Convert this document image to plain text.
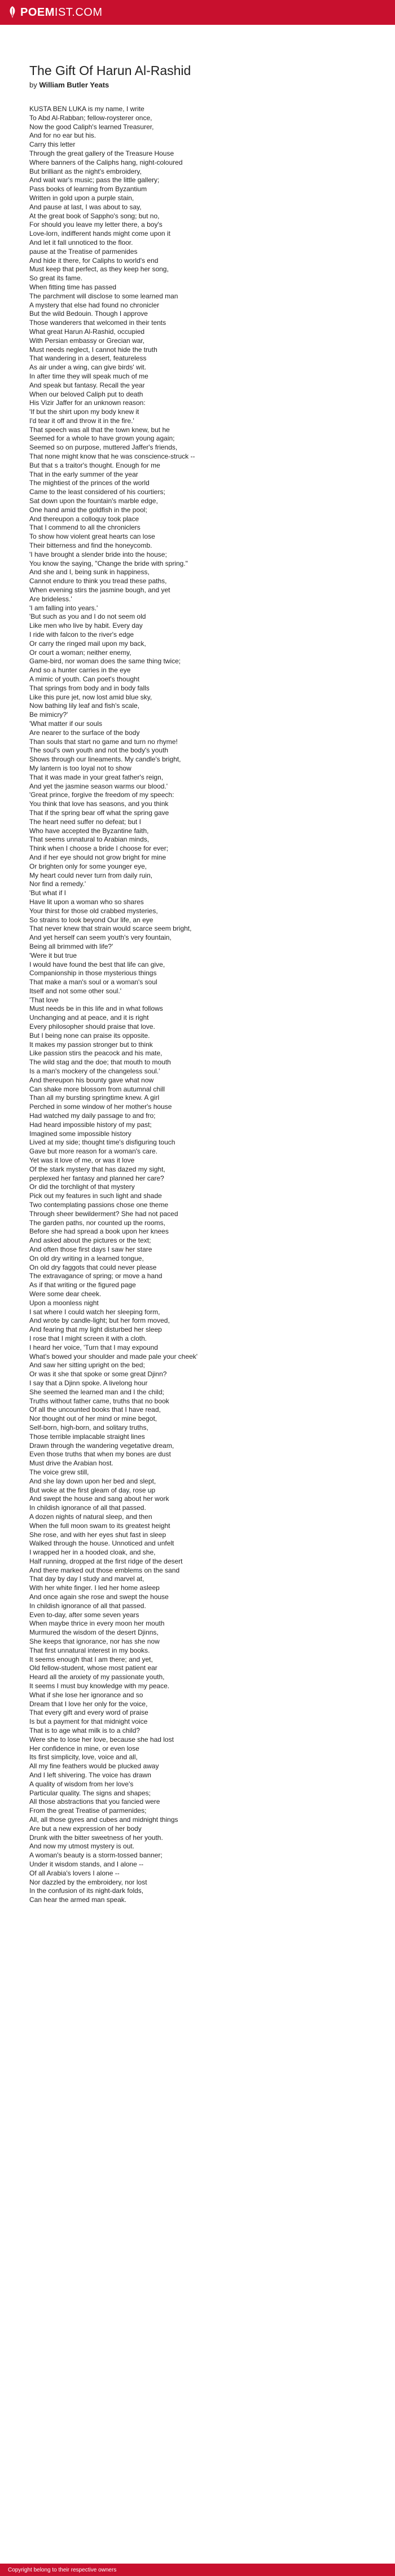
POEM IST.COM
The Gift Of Harun Al-Rashid
by William Butler Yeats
KUSTA BEN LUKA is my name, I write
To Abd Al-Rabban; fellow-roysterer once,
Now the good Caliph's learned Treasurer,
And for no ear but his.
Carry this letter
Through the great gallery of the Treasure House
Where banners of the Caliphs hang, night-coloured
But brilliant as the night's embroidery,
And wait war's music; pass the little gallery;
Pass books of learning from Byzantium
Written in gold upon a purple stain,
And pause at last, I was about to say,
At the great book of Sappho's song; but no,
For should you leave my letter there, a boy's
Love-lorn, indifferent hands might come upon it
And let it fall unnoticed to the floor.
pause at the Treatise of parmenides
And hide it there, for Caliphs to world's end
Must keep that perfect, as they keep her song,
So great its fame.
When fitting time has passed
The parchment will disclose to some learned man
A mystery that else had found no chronicler
But the wild Bedouin. Though I approve
Those wanderers that welcomed in their tents
What great Harun Al-Rashid, occupied
With Persian embassy or Grecian war,
Must needs neglect, I cannot hide the truth
That wandering in a desert, featureless
As air under a wing, can give birds' wit.
In after time they will speak much of me
And speak but fantasy. Recall the year
When our beloved Caliph put to death
His Vizir Jaffer for an unknown reason:
'If but the shirt upon my body knew it
I'd tear it off and throw it in the fire.'
That speech was all that the town knew, but he
Seemed for a whole to have grown young again;
Seemed so on purpose, muttered Jaffer's friends,
That none might know that he was conscience-struck --
But that s a traitor's thought. Enough for me
That in the early summer of the year
The mightiest of the princes of the world
Came to the least considered of his courtiers;
Sat down upon the fountain's marble edge,
One hand amid the goldfish in the pool;
And thereupon a colloquy took place
That I commend to all the chroniclers
To show how violent great hearts can lose
Their bitterness and find the honeycomb.
'I have brought a slender bride into the house;
You know the saying, "Change the bride with spring."
And she and I, being sunk in happiness,
Cannot endure to think you tread these paths,
When evening stirs the jasmine bough, and yet
Are brideless.'
'I am falling into years.'
'But such as you and I do not seem old
Like men who live by habit. Every day
I ride with falcon to the river's edge
Or carry the ringed mail upon my back,
Or court a woman; neither enemy,
Game-bird, nor woman does the same thing twice;
And so a hunter carries in the eye
A mimic of youth. Can poet's thought
That springs from body and in body falls
Like this pure jet, now lost amid blue sky,
Now bathing lily leaf and fish's scale,
Be mimicry?'
'What matter if our souls
Are nearer to the surface of the body
Than souls that start no game and turn no rhyme!
The soul's own youth and not the body's youth
Shows through our lineaments. My candle's bright,
My lantern is too loyal not to show
That it was made in your great father's reign,
And yet the jasmine season warms our blood.'
'Great prince, forgive the freedom of my speech:
You think that love has seasons, and you think
That if the spring bear off what the spring gave
The heart need suffer no defeat; but I
Who have accepted the Byzantine faith,
That seems unnatural to Arabian minds,
Think when I choose a bride I choose for ever;
And if her eye should not grow bright for mine
Or brighten only for some younger eye,
My heart could never turn from daily ruin,
Nor find a remedy.'
'But what if I
Have lit upon a woman who so shares
Your thirst for those old crabbed mysteries,
So strains to look beyond Our life, an eye
That never knew that strain would scarce seem bright,
And yet herself can seem youth's very fountain,
Being all brimmed with life?'
'Were it but true
I would have found the best that life can give,
Companionship in those mysterious things
That make a man's soul or a woman's soul
Itself and not some other soul.'
'That love
Must needs be in this life and in what follows
Unchanging and at peace, and it is right
Every philosopher should praise that love.
But I being none can praise its opposite.
It makes my passion stronger but to think
Like passion stirs the peacock and his mate,
The wild stag and the doe; that mouth to mouth
Is a man's mockery of the changeless soul.'
And thereupon his bounty gave what now
Can shake more blossom from autumnal chill
Than all my bursting springtime knew. A girl
Perched in some window of her mother's house
Had watched my daily passage to and fro;
Had heard impossible history of my past;
Imagined some impossible history
Lived at my side; thought time's disfiguring touch
Gave but more reason for a woman's care.
Yet was it love of me, or was it love
Of the stark mystery that has dazed my sight,
perplexed her fantasy and planned her care?
Or did the torchlight of that mystery
Pick out my features in such light and shade
Two contemplating passions chose one theme
Through sheer bewilderment? She had not paced
The garden paths, nor counted up the rooms,
Before she had spread a book upon her knees
And asked about the pictures or the text;
And often those first days I saw her stare
On old dry writing in a learned tongue,
On old dry faggots that could never please
The extravagance of spring; or move a hand
As if that writing or the figured page
Were some dear cheek.
Upon a moonless night
I sat where I could watch her sleeping form,
And wrote by candle-light; but her form moved,
And fearing that my light disturbed her sleep
I rose that I might screen it with a cloth.
I heard her voice, 'Turn that I may expound
What's bowed your shoulder and made pale your cheek'
And saw her sitting upright on the bed;
Or was it she that spoke or some great Djinn?
I say that a Djinn spoke. A livelong hour
She seemed the learned man and I the child;
Truths without father came, truths that no book
Of all the uncounted books that I have read,
Nor thought out of her mind or mine begot,
Self-born, high-born, and solitary truths,
Those terrible implacable straight lines
Drawn through the wandering vegetative dream,
Even those truths that when my bones are dust
Must drive the Arabian host.
The voice grew still,
And she lay down upon her bed and slept,
But woke at the first gleam of day, rose up
And swept the house and sang about her work
In childish ignorance of all that passed.
A dozen nights of natural sleep, and then
When the full moon swam to its greatest height
She rose, and with her eyes shut fast in sleep
Walked through the house. Unnoticed and unfelt
I wrapped her in a hooded cloak, and she,
Half running, dropped at the first ridge of the desert
And there marked out those emblems on the sand
That day by day I study and marvel at,
With her white finger. I led her home asleep
And once again she rose and swept the house
In childish ignorance of all that passed.
Even to-day, after some seven years
When maybe thrice in every moon her mouth
Murmured the wisdom of the desert Djinns,
She keeps that ignorance, nor has she now
That first unnatural interest in my books.
It seems enough that I am there; and yet,
Old fellow-student, whose most patient ear
Heard all the anxiety of my passionate youth,
It seems I must buy knowledge with my peace.
What if she lose her ignorance and so
Dream that I love her only for the voice,
That every gift and every word of praise
Is but a payment for that midnight voice
That is to age what milk is to a child?
Were she to lose her love, because she had lost
Her confidence in mine, or even lose
Its first simplicity, love, voice and all,
All my fine feathers would be plucked away
And I left shivering. The voice has drawn
A quality of wisdom from her love's
Particular quality. The signs and shapes;
All those abstractions that you fancied were
From the great Treatise of parmenides;
All, all those gyres and cubes and midnight things
Are but a new expression of her body
Drunk with the bitter sweetness of her youth.
And now my utmost mystery is out.
A woman's beauty is a storm-tossed banner;
Under it wisdom stands, and I alone --
Of all Arabia's lovers I alone --
Nor dazzled by the embroidery, nor lost
In the confusion of its night-dark folds,
Can hear the armed man speak.
Copyright belong to their respective owners
